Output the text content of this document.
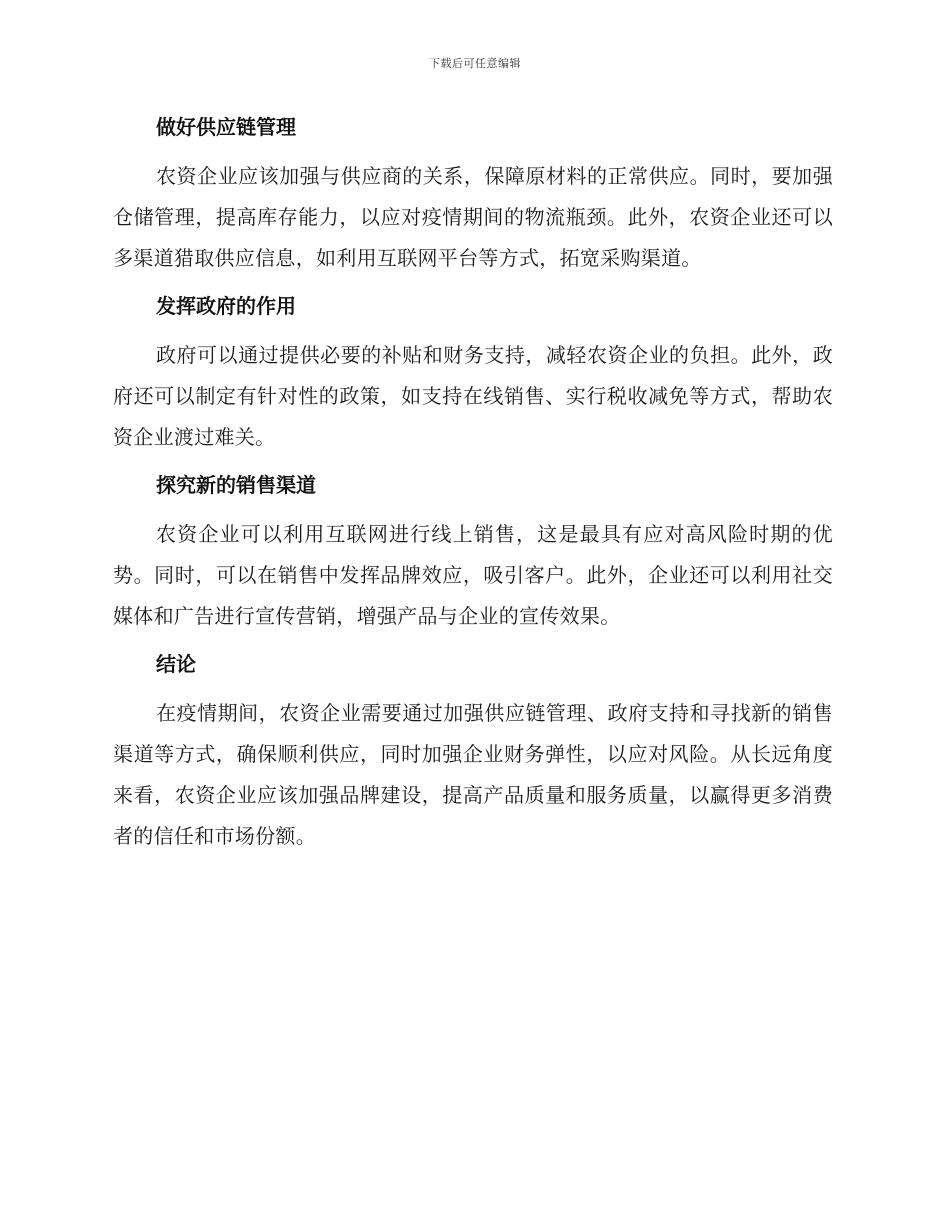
下载后可任意编辑
做好供应链管理

农资企业应该加强与供应商的关系，保障原材料的正常供应。同时，要加强仓储管理，提高库存能力，以应对疫情期间的物流瓶颈。此外，农资企业还可以多渠道猎取供应信息，如利用互联网平台等方式，拓宽采购渠道。

发挥政府的作用

政府可以通过提供必要的补贴和财务支持，减轻农资企业的负担。此外，政府还可以制定有针对性的政策，如支持在线销售、实行税收减免等方式，帮助农资企业渡过难关。

探究新的销售渠道

农资企业可以利用互联网进行线上销售，这是最具有应对高风险时期的优势。同时，可以在销售中发挥品牌效应，吸引客户。此外，企业还可以利用社交媒体和广告进行宣传营销，增强产品与企业的宣传效果。

结论

在疫情期间，农资企业需要通过加强供应链管理、政府支持和寻找新的销售渠道等方式，确保顺利供应，同时加强企业财务弹性，以应对风险。从长远角度来看，农资企业应该加强品牌建设，提高产品质量和服务质量，以赢得更多消费者的信任和市场份额。
